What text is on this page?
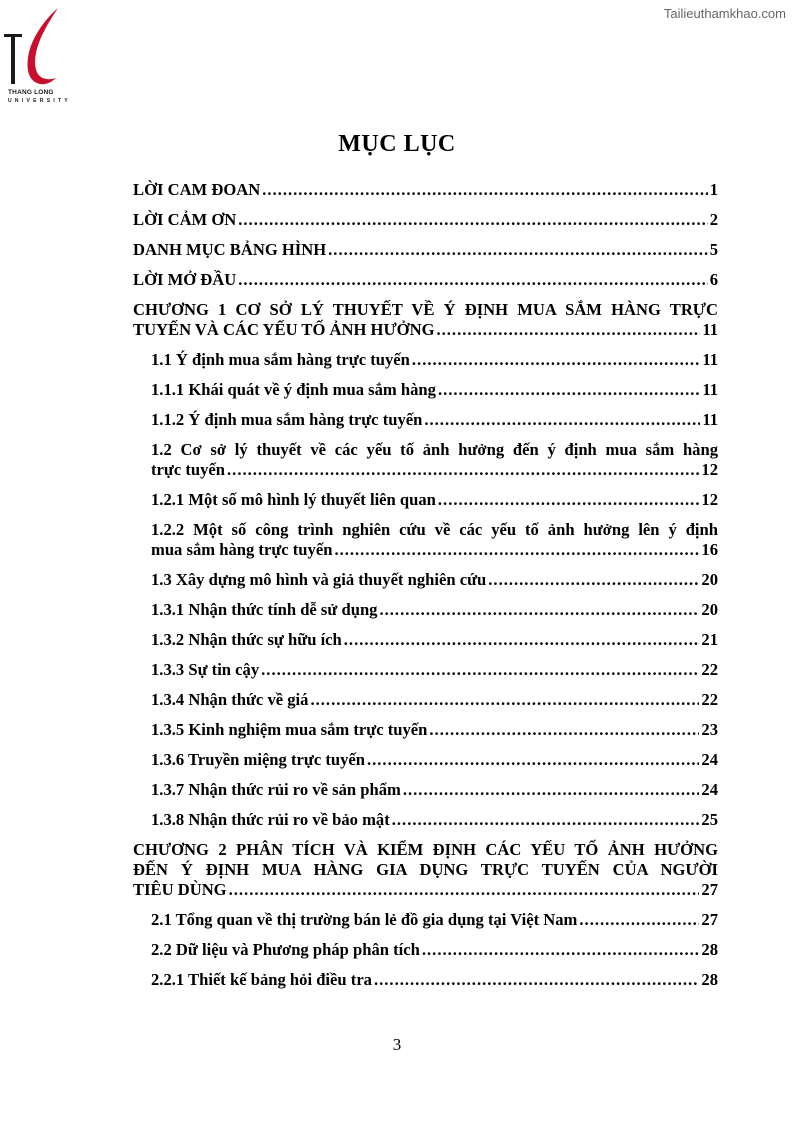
Tailieuthamkhao.com
THANG LONG
UNIVERSITY
MỤC LỤC
LỜI CAM ĐOAN .....	1
LỜI CẢM ƠN .....	2
DANH MỤC BẢNG HÌNH .....	5
LỜI MỞ ĐẦU .....	6
CHƯƠNG 1 CƠ SỞ LÝ THUYẾT VỀ Ý ĐỊNH MUA SẮM HÀNG TRỰC
TUYẾN VÀ CÁC YẾU TỐ ẢNH HƯỞNG .....	11
1.1 Ý định mua sắm hàng trực tuyến .....	11
1.1.1 Khái quát về ý định mua sắm hàng .....	11
1.1.2 Ý định mua sắm hàng trực tuyến .....	11
1.2 Cơ sở lý thuyết về các yếu tố ảnh hưởng đến ý định mua sắm hàng
trực tuyến .....	12
1.2.1 Một số mô hình lý thuyết liên quan .....	12
1.2.2 Một số công trình nghiên cứu về các yếu tố ảnh hưởng lên ý định
mua sắm hàng trực tuyến .....	16
1.3 Xây dựng mô hình và giả thuyết nghiên cứu .....	20
1.3.1 Nhận thức tính dễ sử dụng .....	20
1.3.2 Nhận thức sự hữu ích .....	21
1.3.3 Sự tin cậy .....	22
1.3.4 Nhận thức về giá .....	22
1.3.5 Kinh nghiệm mua sắm trực tuyến .....	23
1.3.6 Truyền miệng trực tuyến .....	24
1.3.7 Nhận thức rủi ro về sản phẩm .....	24
1.3.8 Nhận thức rủi ro về bảo mật .....	25
CHƯƠNG 2 PHÂN TÍCH VÀ KIỂM ĐỊNH CÁC YẾU TỐ ẢNH HƯỞNG
ĐẾN Ý ĐỊNH MUA HÀNG GIA DỤNG TRỰC TUYẾN CỦA NGƯỜI
TIÊU DÙNG .....	27
2.1 Tổng quan về thị trường bán lẻ đồ gia dụng tại Việt Nam .....	27
2.2 Dữ liệu và Phương pháp phân tích .....	28
2.2.1 Thiết kế bảng hỏi điều tra .....	28
3
